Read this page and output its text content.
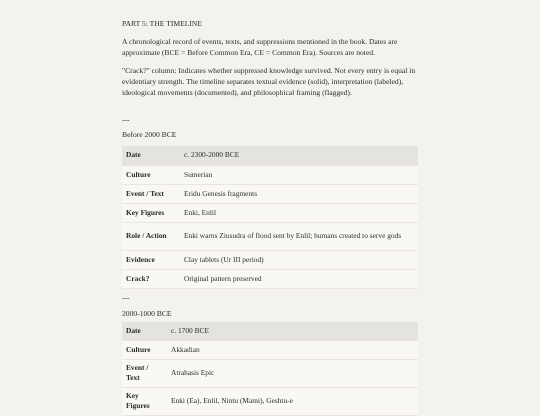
PART 5: THE TIMELINE

A chronological record of events, texts, and suppressions mentioned in the book. Dates are approximate (BCE = Before Common Era, CE = Common Era). Sources are noted.

"Crack?" column: Indicates whether suppressed knowledge survived. Not every entry is equal in evidentiary strength. The timeline separates textual evidence (solid), interpretation (labeled), ideological movements (documented), and philosophical framing (flagged).

---

Before 2000 BCE

Date	c. 2300-2000 BCE
Culture	Sumerian
Event / Text	Eridu Genesis fragments
Key Figures	Enki, Enlil
Role / Action	Enki warns Ziusudra of flood sent by Enlil; humans created to serve gods
Evidence	Clay tablets (Ur III period)
Crack?	Original pattern preserved

---

2000-1000 BCE

Date	c. 1700 BCE
Culture	Akkadian
Event / Text	Atrahasis Epic
Key Figures	Enki (Ea), Enlil, Nintu (Mami), Geshtu-e
